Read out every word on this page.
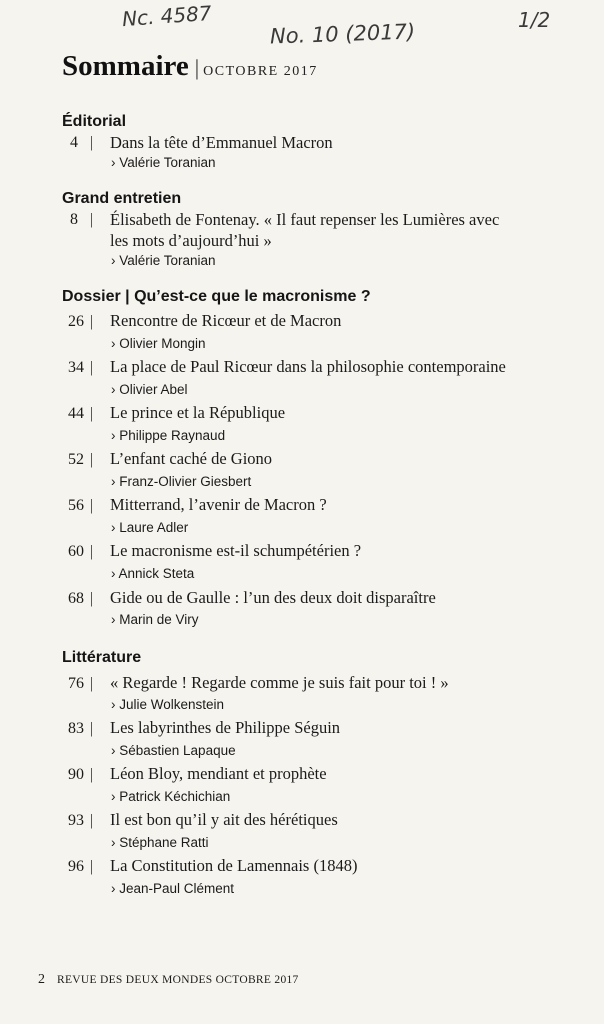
Nc. 4587
No. 10 (2017)	1/2
Sommaire | OCTOBRE 2017
Éditorial
4 | Dans la tête d’Emmanuel Macron
› Valérie Toranian
Grand entretien
8 | Élisabeth de Fontenay. « Il faut repenser les Lumières avec
les mots d’aujourd’hui »
› Valérie Toranian
Dossier | Qu’est-ce que le macronisme ?
26 | Rencontre de Ricœur et de Macron
› Olivier Mongin
34 | La place de Paul Ricœur dans la philosophie contemporaine
› Olivier Abel
44 | Le prince et la République
› Philippe Raynaud
52 | L’enfant caché de Giono
› Franz-Olivier Giesbert
56 | Mitterrand, l’avenir de Macron ?
› Laure Adler
60 | Le macronisme est-il schumpétérien ?
› Annick Steta
68 | Gide ou de Gaulle : l’un des deux doit disparaître
› Marin de Viry
Littérature
76 | « Regarde ! Regarde comme je suis fait pour toi ! »
› Julie Wolkenstein
83 | Les labyrinthes de Philippe Séguin
› Sébastien Lapaque
90 | Léon Bloy, mendiant et prophète
› Patrick Kéchichian
93 | Il est bon qu’il y ait des hérétiques
› Stéphane Ratti
96 | La Constitution de Lamennais (1848)
› Jean-Paul Clément
2 REVUE DES DEUX MONDES OCTOBRE 2017
